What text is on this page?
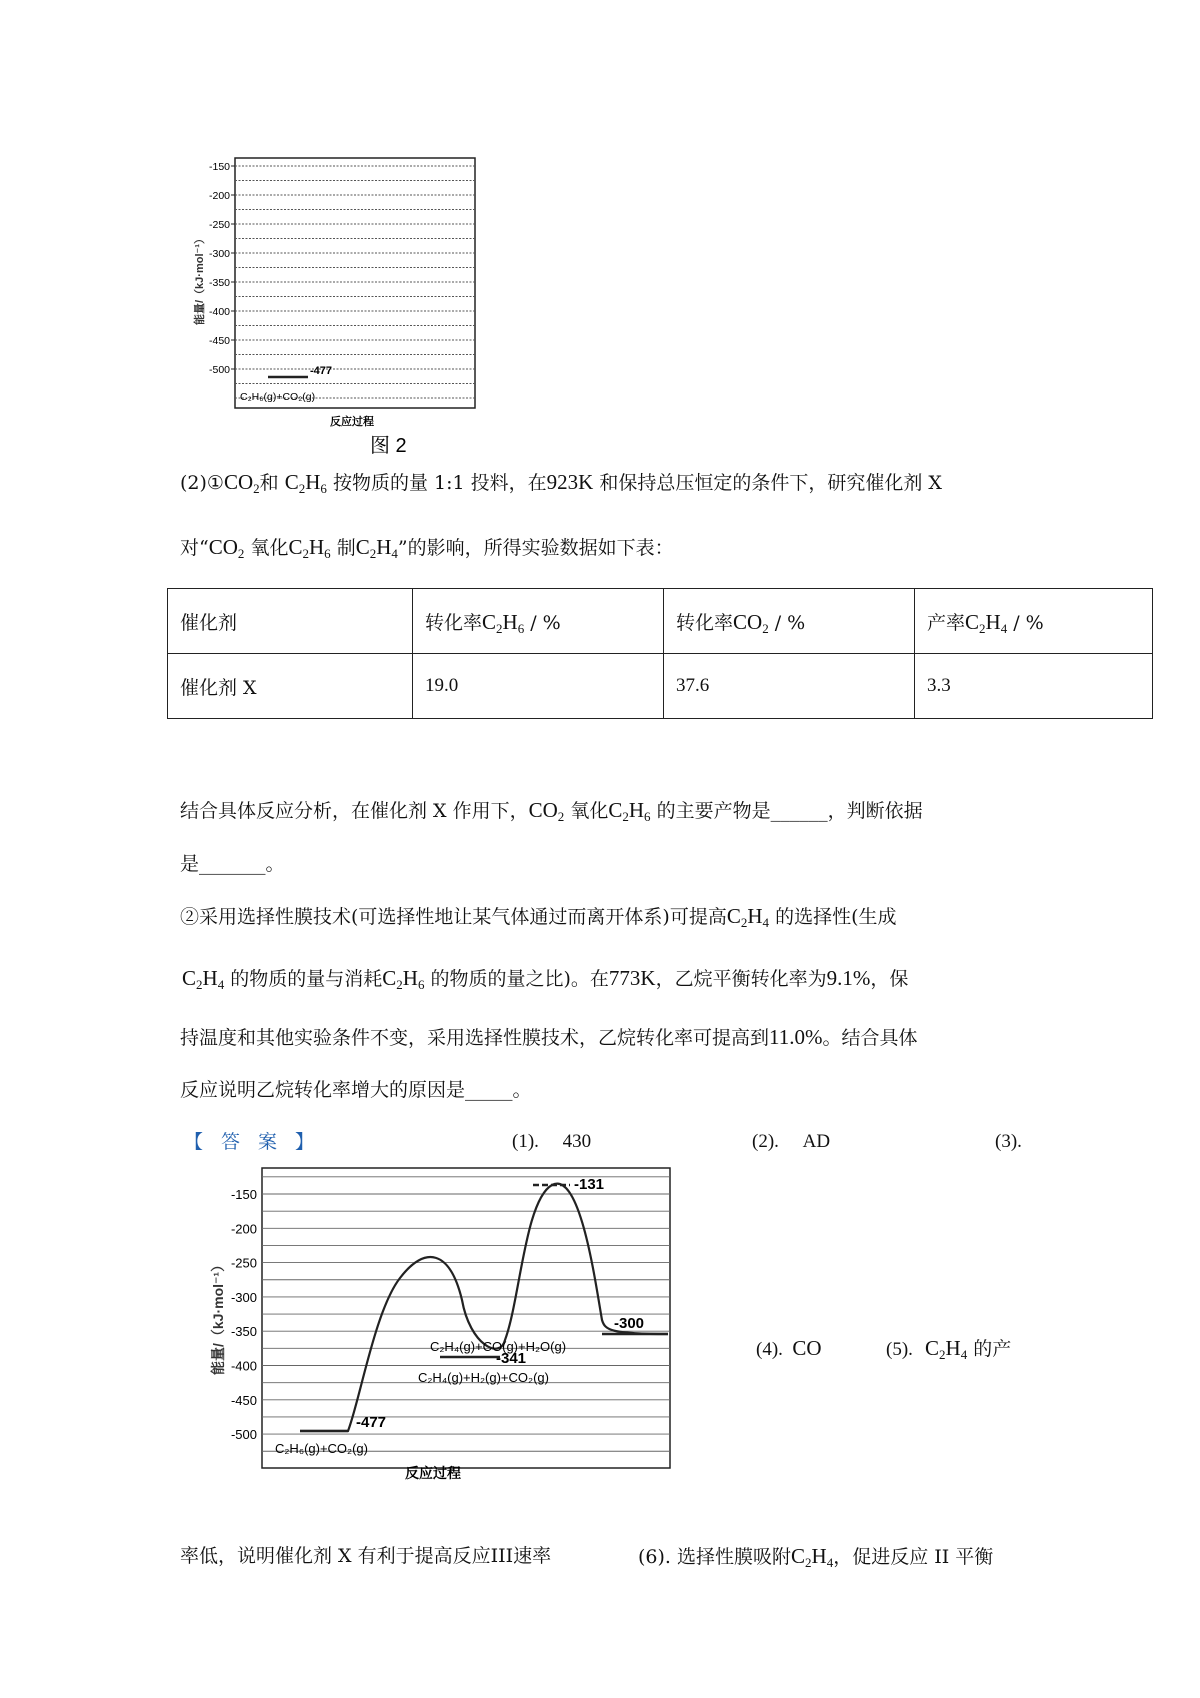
-150
-200
-250
-300
-350
-400
-450
-500
能量/（kJ·mol⁻¹）
-477
C₂H₆(g)+CO₂(g)
反应过程
图 2
$(2)①CO_2$和 $C_2H_6$ 按物质的量 1:1 投料，在923K 和保持总压恒定的条件下，研究催化剂 X
对“$CO_2$ 氧化$C_2H_6$ 制$C_2H_4$”的影响，所得实验数据如下表：
催化剂	转化率$C_2H_6$ / %	转化率$CO_2$ / %	产率$C_2H_4$ / %
催化剂 X	19.0	37.6	3.3
结合具体反应分析，在催化剂 X 作用下，$CO_2$ 氧化$C_2H_6$ 的主要产物是______，判断依据
是_______。
②采用选择性膜技术(可选择性地让某气体通过而离开体系)可提高$C_2H_4$ 的选择性(生成
$C_2H_4$ 的物质的量与消耗$C_2H_6$ 的物质的量之比)。在773K，乙烷平衡转化率为9.1%，保
持温度和其他实验条件不变，采用选择性膜技术，乙烷转化率可提高到11.0%。结合具体
反应说明乙烷转化率增大的原因是_____。
【答案】	(1). 430	(2). AD	(3).
-150
-200
-250
-300
-350
-400
-450
-500
能量/（kJ·mol⁻¹）
-477
C₂H₆(g)+CO₂(g)
-341
C₂H₄(g)+H₂(g)+CO₂(g)
-131
-300
C₂H₄(g)+CO(g)+H₂O(g)
反应过程
(4). CO	(5). $C_2H_4$ 的产
率低，说明催化剂 X 有利于提高反应III速率	(6). 选择性膜吸附$C_2H_4$，促进反应 II 平衡
